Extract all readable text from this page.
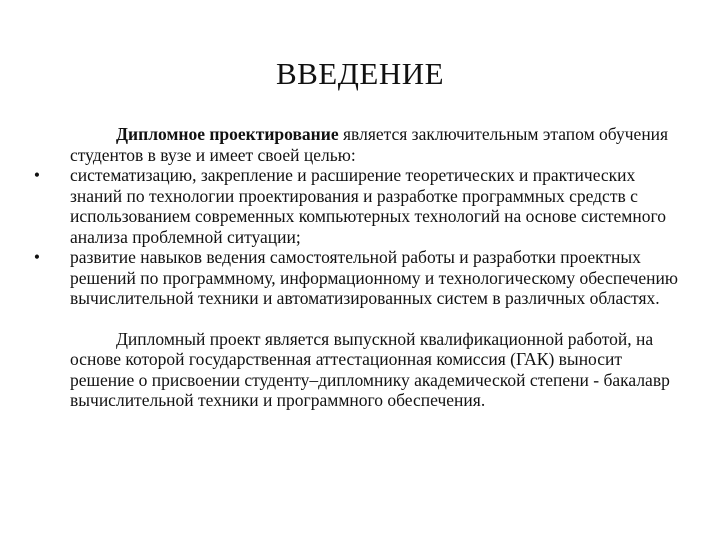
ВВЕДЕНИЕ

Дипломное проектирование является заключительным этапом обучения студентов в вузе и имеет своей целью:

• систематизацию, закрепление и расширение теоретических и практических знаний по технологии проектирования и разработке программных средств с использованием современных компьютерных технологий на основе системного анализа проблемной ситуации;
• развитие навыков ведения самостоятельной работы и разработки проектных решений по программному, информационному и технологическому обеспечению вычислительной техники и автоматизированных систем в различных областях.

Дипломный проект является выпускной квалификационной работой, на основе которой государственная аттестационная комиссия (ГАК) выносит решение о присвоении студенту–дипломнику академической степени - бакалавр вычислительной техники и программного обеспечения.
